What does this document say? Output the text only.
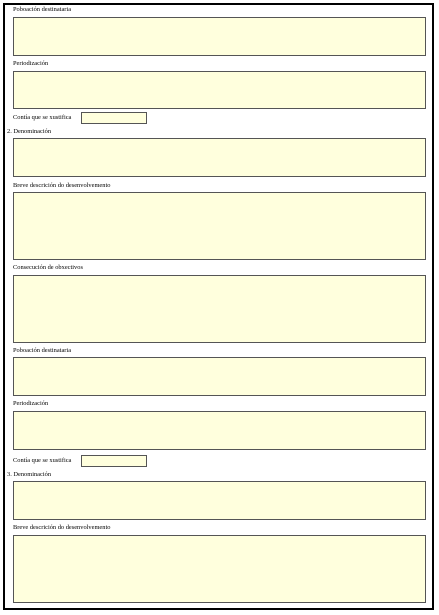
Poboación destinataria
Periodización
Contía que se xustifica
2. Denominación
Breve descrición do desenvolvemento
Consecución de obxectivos
Poboación destinataria
Periodización
Contía que se xustifica
3. Denominación
Breve descrición do desenvolvemento
